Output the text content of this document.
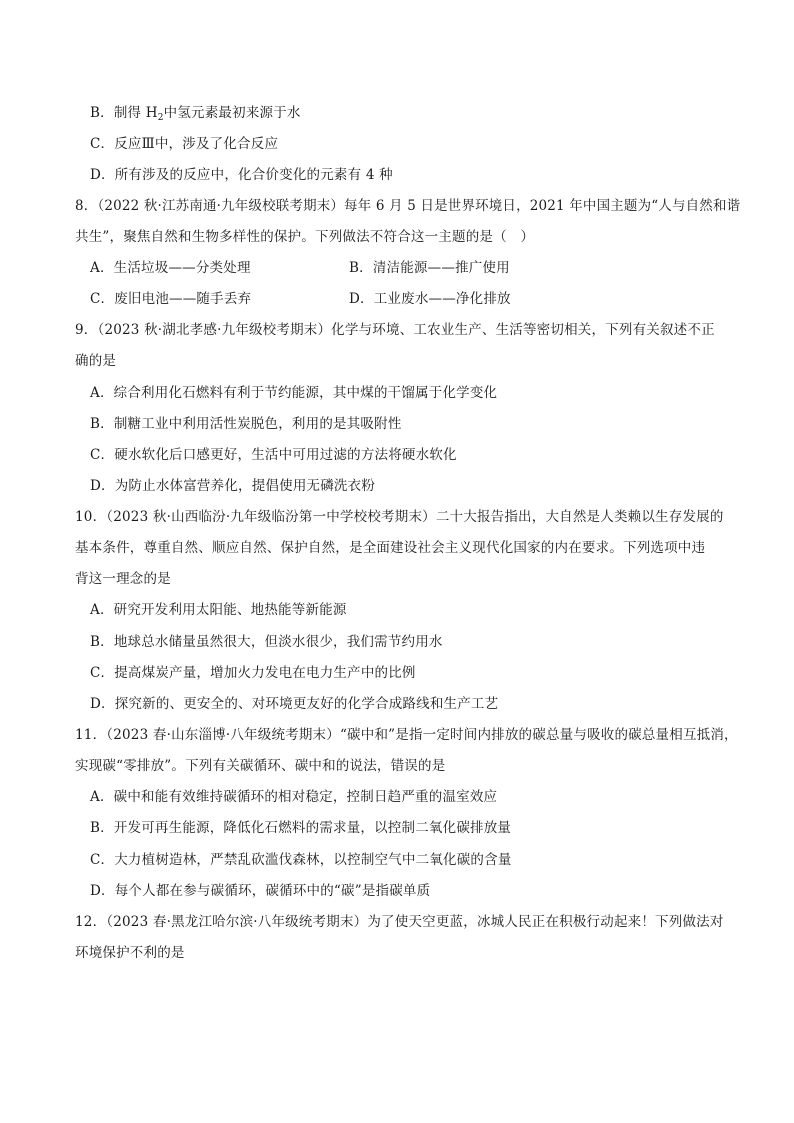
B．制得 $H_2$中氢元素最初来源于水
C．反应Ⅲ中，涉及了化合反应
D．所有涉及的反应中，化合价变化的元素有 4 种
8．（2022 秋·江苏南通·九年级校联考期末）每年 6 月 5 日是世界环境日，2021 年中国主题为“人与自然和谐
共生”，聚焦自然和生物多样性的保护。下列做法不符合这一主题的是（　）
A．生活垃圾——分类处理	B．清洁能源——推广使用
C．废旧电池——随手丢弃	D．工业废水——净化排放
9．（2023 秋·湖北孝感·九年级校考期末）化学与环境、工农业生产、生活等密切相关，下列有关叙述不正
确的是
A．综合利用化石燃料有利于节约能源，其中煤的干馏属于化学变化
B．制糖工业中利用活性炭脱色，利用的是其吸附性
C．硬水软化后口感更好，生活中可用过滤的方法将硬水软化
D．为防止水体富营养化，提倡使用无磷洗衣粉
10．（2023 秋·山西临汾·九年级临汾第一中学校校考期末）二十大报告指出，大自然是人类赖以生存发展的
基本条件，尊重自然、顺应自然、保护自然，是全面建设社会主义现代化国家的内在要求。下列选项中违
背这一理念的是
A．研究开发利用太阳能、地热能等新能源
B．地球总水储量虽然很大，但淡水很少，我们需节约用水
C．提高煤炭产量，增加火力发电在电力生产中的比例
D．探究新的、更安全的、对环境更友好的化学合成路线和生产工艺
11．（2023 春·山东淄博·八年级统考期末）“碳中和”是指一定时间内排放的碳总量与吸收的碳总量相互抵消，
实现碳“零排放”。下列有关碳循环、碳中和的说法，错误的是
A．碳中和能有效维持碳循环的相对稳定，控制日趋严重的温室效应
B．开发可再生能源，降低化石燃料的需求量，以控制二氧化碳排放量
C．大力植树造林，严禁乱砍滥伐森林，以控制空气中二氧化碳的含量
D．每个人都在参与碳循环，碳循环中的“碳”是指碳单质
12．（2023 春·黑龙江哈尔滨·八年级统考期末）为了使天空更蓝，冰城人民正在积极行动起来！下列做法对
环境保护不利的是
